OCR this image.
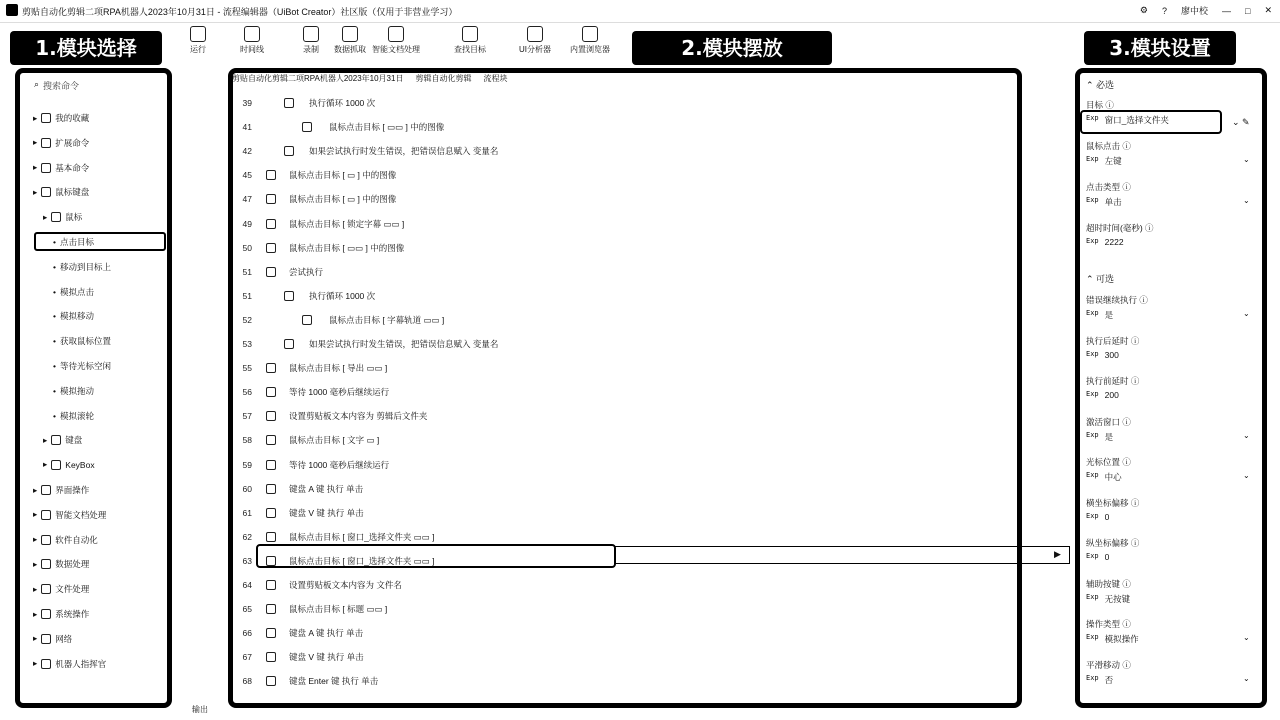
剪贴自动化剪辑二项RPA机器人2023年10月31日 - 流程编辑器（UiBot Creator）社区版（仅用于非营业学习）	⚙ ? 廖中校 — □ ✕
运行	时间线	录制	数据抓取 智能文档处理	查找目标	UI分析器	内置浏览器
1.模块选择	2.模块摆放	3.模块设置
⌕ 搜索命令
▸ 我的收藏
▸ 扩展命令
▸ 基本命令
▸ 鼠标键盘
▸ 鼠标
• 点击目标
• 移动到目标上
• 模拟点击
• 模拟移动
• 获取鼠标位置
• 等待光标空闲
• 模拟拖动
• 模拟滚轮
▸ 键盘
▸ KeyBox
▸ 界面操作
▸ 智能文档处理
▸ 软件自动化
▸ 数据处理
▸ 文件处理
▸ 系统操作
▸ 网络
▸ 机器人指挥官
剪贴自动化剪辑二项RPA机器人2023年10月31日 剪辑自动化剪辑 流程块
39	执行循环 1000 次
41	鼠标点击目标 [ ▭▭ ] 中的图像
42	如果尝试执行时发生错误，把错误信息赋入 变量名
45	鼠标点击目标 [ ▭ ] 中的图像
47	鼠标点击目标 [ ▭ ] 中的图像
49	鼠标点击目标 [ 锁定字幕 ▭▭ ]
50	鼠标点击目标 [ ▭▭ ] 中的图像
51	尝试执行
51	执行循环 1000 次
52	鼠标点击目标 [ 字幕轨道 ▭▭ ]
53	如果尝试执行时发生错误，把错误信息赋入 变量名
55	鼠标点击目标 [ 导出 ▭▭ ]
56	等待 1000 毫秒后继续运行
57	设置剪贴板文本内容为 剪辑后文件夹
58	鼠标点击目标 [ 文字 ▭ ]
59	等待 1000 毫秒后继续运行
60	键盘 A 键 执行 单击
61	键盘 V 键 执行 单击
62	鼠标点击目标 [ 窗口_选择文件夹 ▭▭ ]
63	鼠标点击目标 [ 窗口_选择文件夹 ▭▭ ]
64	设置剪贴板文本内容为 文件名
65	鼠标点击目标 [ 标题 ▭▭ ]
66	键盘 A 键 执行 单击
67	键盘 V 键 执行 单击
68	键盘 Enter 键 执行 单击
▶
输出
⌃ 必选
目标 ⓘ
Exp 窗口_选择文件夹
鼠标点击 ⓘ
Exp 左键	⌄
点击类型 ⓘ
Exp 单击	⌄
超时时间(毫秒) ⓘ
Exp 2222
⌄ ✎
⌃ 可选
错误继续执行 ⓘ
Exp 是	⌄
执行后延时 ⓘ
Exp 300
执行前延时 ⓘ
Exp 200
激活窗口 ⓘ
Exp 是	⌄
光标位置 ⓘ
Exp 中心	⌄
横坐标偏移 ⓘ
Exp 0
纵坐标偏移 ⓘ
Exp 0
辅助按键 ⓘ
Exp 无按键
操作类型 ⓘ
Exp 模拟操作	⌄
平滑移动 ⓘ
Exp 否	⌄
